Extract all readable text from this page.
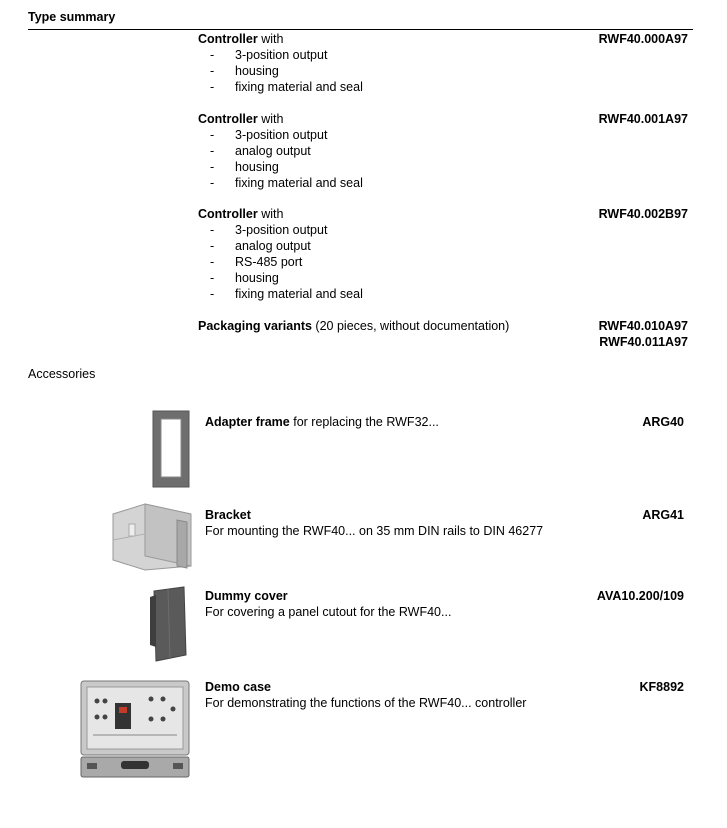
Type summary
Controller with
- 3-position output
- housing
- fixing material and seal
RWF40.000A97
Controller with
- 3-position output
- analog output
- housing
- fixing material and seal
RWF40.001A97
Controller with
- 3-position output
- analog output
- RS-485 port
- housing
- fixing material and seal
RWF40.002B97
Packaging variants (20 pieces, without documentation)	RWF40.010A97
RWF40.011A97
Accessories
Adapter frame for replacing the RWF32...	ARG40
Bracket
For mounting the RWF40... on 35 mm DIN rails to DIN 46277
ARG41
Dummy cover
For covering a panel cutout for the RWF40...
AVA10.200/109
Demo case
For demonstrating the functions of the RWF40... controller
KF8892
